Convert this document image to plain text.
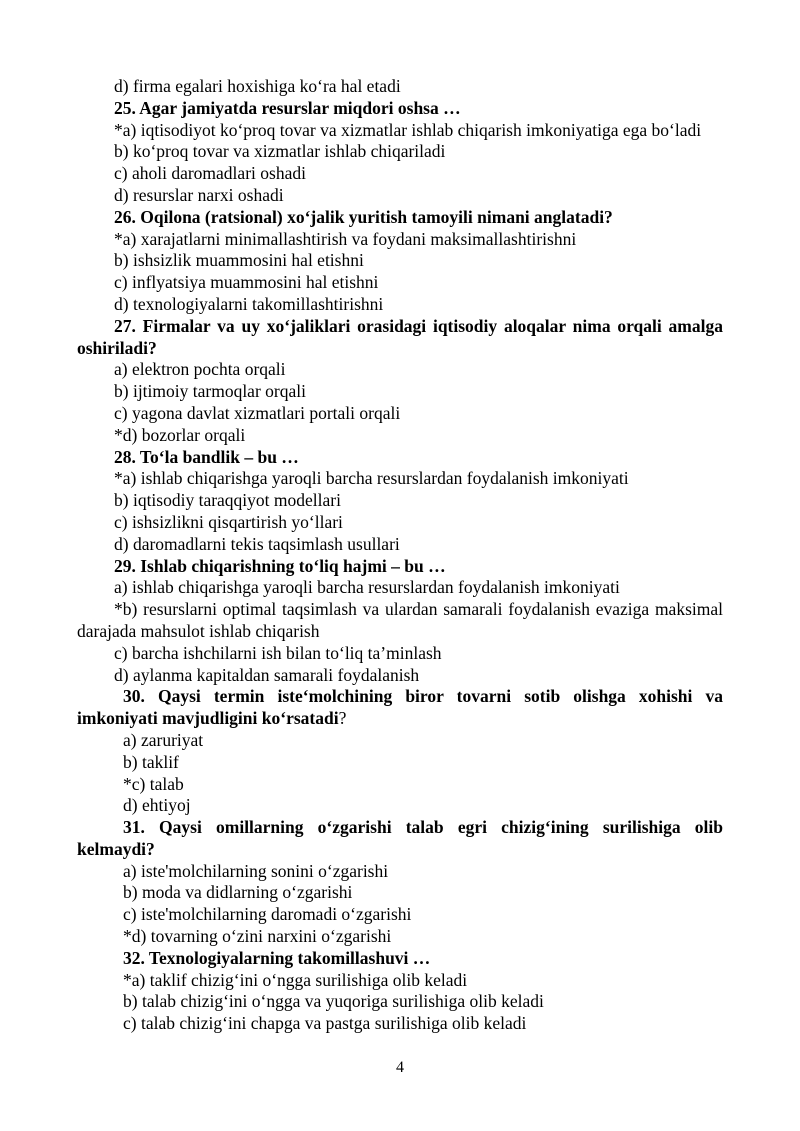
d) firma egalari hoxishiga ko‘ra hal etadi

25. Agar jamiyatda resurslar miqdori oshsa …

*a) iqtisodiyot ko‘proq tovar va xizmatlar ishlab chiqarish imkoniyatiga ega bo‘ladi

b) ko‘proq tovar va xizmatlar ishlab chiqariladi

c) aholi daromadlari oshadi

d) resurslar narxi oshadi

26. Oqilona (ratsional) xo‘jalik yuritish tamoyili nimani anglatadi?

*a) xarajatlarni minimallashtirish va foydani maksimallashtirishni

b) ishsizlik muammosini hal etishni

c) inflyatsiya muammosini hal etishni

d) texnologiyalarni takomillashtirishni

27. Firmalar va uy xo‘jaliklari orasidagi iqtisodiy aloqalar nima orqali amalga oshiriladi?

a) elektron pochta orqali

b) ijtimoiy tarmoqlar orqali

c) yagona davlat xizmatlari portali orqali

*d) bozorlar orqali

28. To‘la bandlik – bu …

*a) ishlab chiqarishga yaroqli barcha resurslardan foydalanish imkoniyati

b) iqtisodiy taraqqiyot modellari

c) ishsizlikni qisqartirish yo‘llari

d) daromadlarni tekis taqsimlash usullari

29. Ishlab chiqarishning to‘liq hajmi – bu …

a) ishlab chiqarishga yaroqli barcha resurslardan foydalanish imkoniyati

*b) resurslarni optimal taqsimlash va ulardan samarali foydalanish evaziga maksimal darajada mahsulot ishlab chiqarish

c) barcha ishchilarni ish bilan to‘liq ta’minlash

d) aylanma kapitaldan samarali foydalanish

30. Qaysi termin iste‘molchining biror tovarni sotib olishga xohishi va imkoniyati mavjudligini ko‘rsatadi?

a) zaruriyat

b) taklif

*c) talab

d) ehtiyoj

31. Qaysi omillarning o‘zgarishi talab egri chizig‘ining surilishiga olib kelmaydi?

a) iste'molchilarning sonini o‘zgarishi

b) moda va didlarning o‘zgarishi

c) iste'molchilarning daromadi o‘zgarishi

*d) tovarning o‘zini narxini o‘zgarishi

32. Texnologiyalarning takomillashuvi …

*a) taklif chizig‘ini o‘ngga surilishiga olib keladi

b) talab chizig‘ini o‘ngga va yuqoriga surilishiga olib keladi

c) talab chizig‘ini chapga va pastga surilishiga olib keladi

4
